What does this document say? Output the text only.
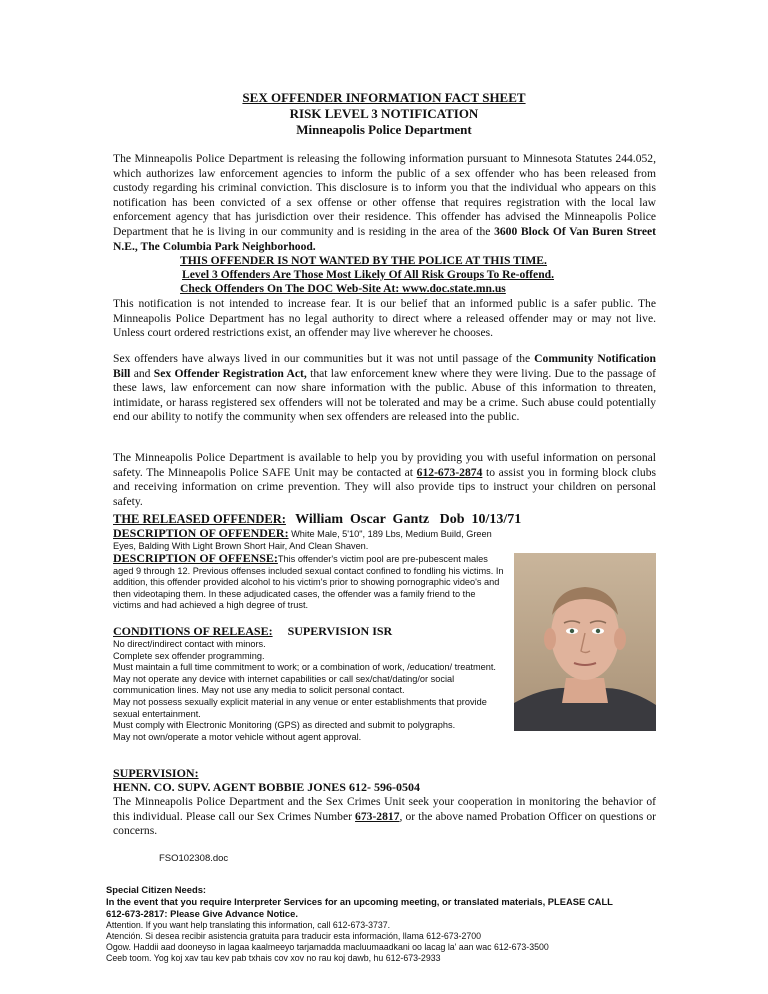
SEX OFFENDER INFORMATION FACT SHEET
RISK LEVEL 3 NOTIFICATION
Minneapolis Police Department
The Minneapolis Police Department is releasing the following information pursuant to Minnesota Statutes 244.052, which authorizes law enforcement agencies to inform the public of a sex offender who has been released from custody regarding his criminal conviction. This disclosure is to inform you that the individual who appears on this notification has been convicted of a sex offense or other offense that requires registration with the local law enforcement agency that has jurisdiction over their residence. This offender has advised the Minneapolis Police Department that he is living in our community and is residing in the area of the 3600 Block Of Van Buren Street N.E., The Columbia Park Neighborhood.
THIS OFFENDER IS NOT WANTED BY THE POLICE AT THIS TIME.
Level 3 Offenders Are Those Most Likely Of All Risk Groups To Re-offend.
Check Offenders On The DOC Web-Site At: www.doc.state.mn.us
This notification is not intended to increase fear. It is our belief that an informed public is a safer public. The Minneapolis Police Department has no legal authority to direct where a released offender may or may not live. Unless court ordered restrictions exist, an offender may live wherever he chooses.
Sex offenders have always lived in our communities but it was not until passage of the Community Notification Bill and Sex Offender Registration Act, that law enforcement knew where they were living. Due to the passage of these laws, law enforcement can now share information with the public. Abuse of this information to threaten, intimidate, or harass registered sex offenders will not be tolerated and may be a crime. Such abuse could potentially end our ability to notify the community when sex offenders are released into the public.
The Minneapolis Police Department is available to help you by providing you with useful information on personal safety. The Minneapolis Police SAFE Unit may be contacted at 612-673-2874 to assist you in forming block clubs and receiving information on crime prevention. They will also provide tips to instruct your children on personal safety.
THE RELEASED OFFENDER: William  Oscar  Gantz   Dob  10/13/71
DESCRIPTION OF OFFENDER: White Male, 5'10", 189 Lbs, Medium Build, Green Eyes, Balding With Light Brown Short Hair, And Clean Shaven.
DESCRIPTION OF OFFENSE:This offender's victim pool are pre-pubescent males aged 9 through 12. Previous offenses included sexual contact confined to fondling his victims. In addition, this offender provided alcohol to his victim's prior to showing pornographic video's and then videotaping them. In these adjudicated cases, the offender was a family friend to the victims and had achieved a high degree of trust.
CONDITIONS OF RELEASE: SUPERVISION ISR
No direct/indirect contact with minors.
Complete sex offender programming.
Must maintain a full time commitment to work; or a combination of work, /education/ treatment.
May not operate any device with internet capabilities or call sex/chat/dating/or social communication lines. May not use any media to solicit personal contact.
May not possess sexually explicit material in any venue or enter establishments that provide sexual entertainment.
Must comply with Electronic Monitoring (GPS) as directed and submit to polygraphs.
May not own/operate a motor vehicle without agent approval.
SUPERVISION:
HENN. CO. SUPV. AGENT BOBBIE JONES 612- 596-0504
The Minneapolis Police Department and the Sex Crimes Unit seek your cooperation in monitoring the behavior of this individual. Please call our Sex Crimes Number 673-2817, or the above named Probation Officer on questions or concerns.
FSO102308.doc
Special Citizen Needs:
In the event that you require Interpreter Services for an upcoming meeting, or translated materials, PLEASE CALL 612-673-2817: Please Give Advance Notice.
Attention. If you want help translating this information, call 612-673-3737.
Atención. Si desea recibir asistencia gratuita para traducir esta información, llama 612-673-2700
Ogow. Haddii aad dooneyso in lagaa kaalmeeyo tarjamadda macluumaadkani oo lacag la' aan wac 612-673-3500
Ceeb toom. Yog koj xav tau kev pab txhais cov xov no rau koj dawb, hu 612-673-2933
